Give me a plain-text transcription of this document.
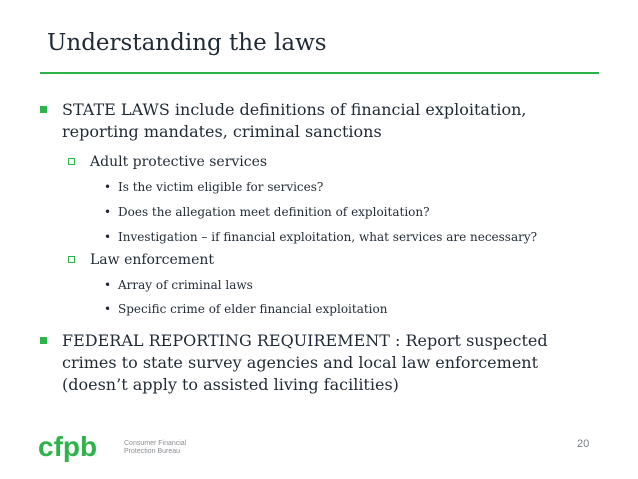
Understanding the laws
STATE LAWS include definitions of financial exploitation, reporting mandates, criminal sanctions
Adult protective services
• Is the victim eligible for services?
• Does the allegation meet definition of exploitation?
• Investigation – if financial exploitation, what services are necessary?
Law enforcement
• Array of criminal laws
• Specific crime of elder financial exploitation
FEDERAL REPORTING REQUIREMENT : Report suspected crimes to state survey agencies and local law enforcement (doesn’t apply to assisted living facilities)
cfpb	Consumer Financial
Protection Bureau
20
